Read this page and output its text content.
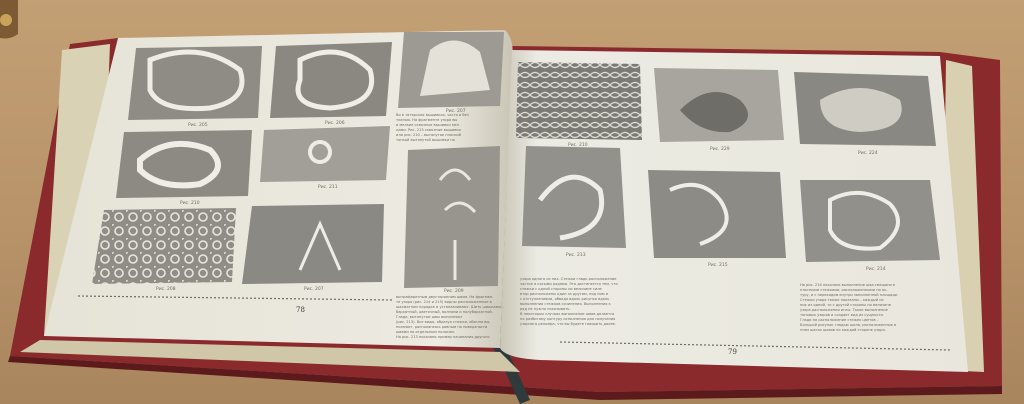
Рис. 205	Рис. 206
Рис. 207
Рис. 210
Рис. 211
Рис. 208	Рис. 207	Рис. 209
Во в татарских вышивках, часто и без
тканью. На фрагменте узора вы
и мелкие сквозные вышивки мел
цами. Рис. 213 сквозные вышивки
или рис. 210 – вытянутое плоский
тонкой вытянутой вышивки на
78
вытрафаретным двусторонним швом. На фрагмен-
те узора (рис. 214 и 215) видны расположенные в
шахматном порядке и устанавливают. Шить шишками –
бархатный, цветочный, волнами и полубархатной.
Глади, вытянутые швы выполняют
(рис. 213). Все виды, образуя стежки, обычно вы-
полняют, располагаясь ровным по поверхности
швами по отдельным полосам.
На рис. 213 показано пример начинания другого
Рис. 210
Рис. 229
Рис. 224
Рис. 213
Рис. 215
Рис. 214
узора одного из них. Стежки гладь расположение
частое и косыми рядами. Это достигается тем, что
стежки с одной стороны по величине силе
втор расположены один за другим, под ним и
с отступлениями, обводя вдоль рисунка вдоль
выполнения стежков сочинения. Выполнения к
ряд не нужно показывать.
В некоторых случаях выполнение швов делается
по разбитому контуру исполнения для получения
узорного рельефа, что вы будете говорить далее.
На рис. 214 показано выполнение шва смешано в
плотными стежками, расположенными по ок-
туру, и с переходом внутри заполненной площади.
Стежки узора также показаны – каждый из
них из одной, то с другой стороны по величине
узора расположения иглы. Такое выполнение
тоновых узоров и создает вид их сущности.
Глади на расположение стежек цветов –
Большой рисунок гладью шила, расположенные в
этом шагах шовов по каждой стороне узора.
79
